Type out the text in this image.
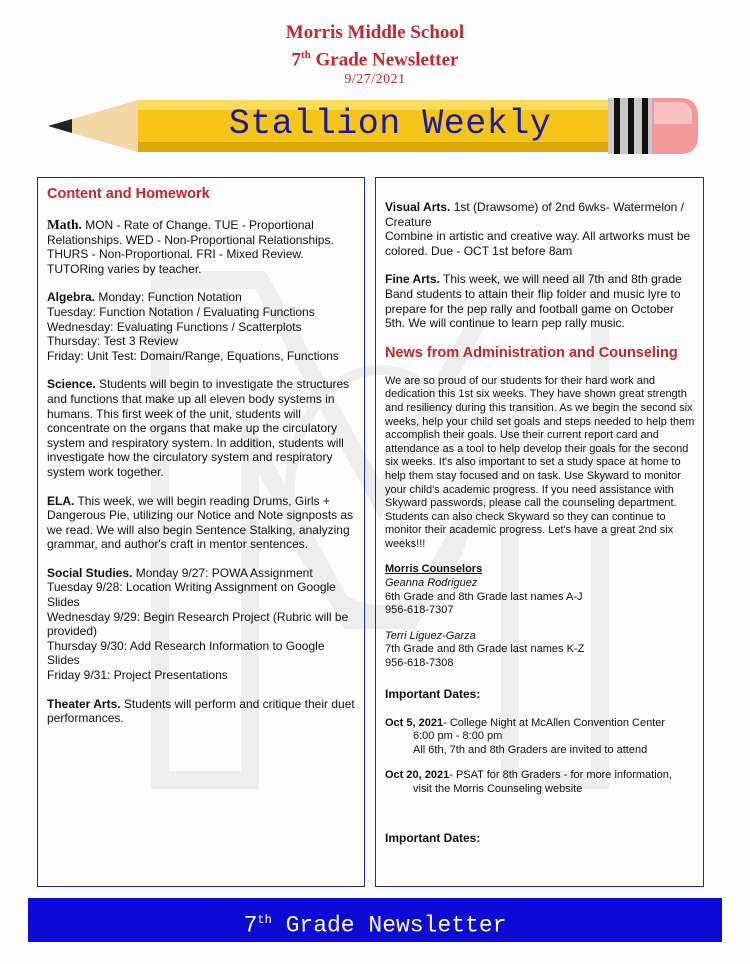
Morris Middle School
7th Grade Newsletter
9/27/2021
Stallion Weekly
Content and Homework
Math. MON - Rate of Change. TUE - Proportional Relationships. WED - Non-Proportional Relationships. THURS - Non-Proportional. FRI - Mixed Review. TUTORing varies by teacher.
Algebra. Monday: Function Notation
Tuesday: Function Notation / Evaluating Functions
Wednesday: Evaluating Functions / Scatterplots
Thursday: Test 3 Review
Friday: Unit Test: Domain/Range, Equations, Functions
Science. Students will begin to investigate the structures and functions that make up all eleven body systems in humans. This first week of the unit, students will concentrate on the organs that make up the circulatory system and respiratory system. In addition, students will investigate how the circulatory system and respiratory system work together.
ELA. This week, we will begin reading Drums, Girls + Dangerous Pie, utilizing our Notice and Note signposts as we read. We will also begin Sentence Stalking, analyzing grammar, and author's craft in mentor sentences.
Social Studies. Monday 9/27: POWA Assignment
Tuesday 9/28: Location Writing Assignment on Google Slides
Wednesday 9/29: Begin Research Project (Rubric will be provided)
Thursday 9/30: Add Research Information to Google Slides
Friday 9/31: Project Presentations
Theater Arts. Students will perform and critique their duet performances.
Visual Arts. 1st (Drawsome) of 2nd 6wks- Watermelon / Creature
Combine in artistic and creative way. All artworks must be colored. Due - OCT 1st before 8am
Fine Arts. This week, we will need all 7th and 8th grade Band students to attain their flip folder and music lyre to prepare for the pep rally and football game on October 5th. We will continue to learn pep rally music.
News from Administration and Counseling
We are so proud of our students for their hard work and dedication this 1st six weeks. They have shown great strength and resiliency during this transition. As we begin the second six weeks, help your child set goals and steps needed to help them accomplish their goals. Use their current report card and attendance as a tool to help develop their goals for the second six weeks. It's also important to set a study space at home to help them stay focused and on task. Use Skyward to monitor your child's academic progress. If you need assistance with Skyward passwords, please call the counseling department. Students can also check Skyward so they can continue to monitor their academic progress. Let's have a great 2nd six weeks!!!
Morris Counselors
Geanna Rodriguez
6th Grade and 8th Grade last names A-J
956-618-7307
Terri Liguez-Garza
7th Grade and 8th Grade last names K-Z
956-618-7308
Important Dates:
Oct 5, 2021- College Night at McAllen Convention Center

6:00 pm - 8:00 pm
All 6th, 7th and 8th Graders are invited to attend
Oct 20, 2021- PSAT for 8th Graders - for more information,

visit the Morris Counseling website
Important Dates:
7th Grade Newsletter
